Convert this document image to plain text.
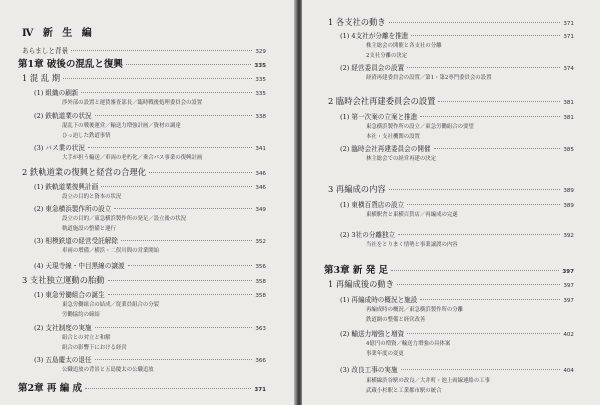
Ⅳ 新 生 編
あらましと背景	329
第1章 破後の混乱と復興	335
1 混 乱 期	335
(1) 組織の刷新	335
渉外部の設置と運賃審査部長／臨時戦後処理委員会の設置
(2) 鉄軌道業の状況	338
混乱下の戦後運営／輸送力増強計画／資材の調達
ひっ迫した鉄道事情
(3) バス業の状況	341
大手が担う輸送／車両の老朽化／乗合バス事業の復興計画
2 鉄軌道業の復興と経営の合理化	346
(1) 鉄軌道業復興計画	346
設立の目的と資本の状況
(2) 東急横浜製作所の設立	349
設立の目的／東急横浜製作所の発足／設立後の状況
軌道施設の整備と運行
(3) 相模鉄道の経営受託解除	352
車両の増備／横浜・二俣川間の営業開始
(4) 天現寺線・中目黒線の譲渡	356
3 支社独立運動の胎動	358
(1) 東急労働組合の誕生	358
東急労働組合の結成／従業員組合の分裂
労働協約の締結
(2) 支社制度の実施	363
組合との対立と和解
組合の影響下における経営
(3) 五島慶太の退任	366
公職追放の背景と五島慶太の公職追放
第2章 再 編 成	371
1 各支社の動き	371
(1) 4支社が分離を推進	371
株主総会の開催と各支社の分離
2支社分離の決定
(2) 経営委員会の設置	374
経済再建委員会の設置／第1・第2専門委員会の設置
2 臨時会社再建委員会の設置	381
(1) 第一次案の立案と推進	381
東急横浜製作所の設立／東急労働組合の要望
本社・支社機関の設置
(2) 臨時会社再建委員会の開催	385
林主総会での経営再建の決定
3 再編成の内容	389
(1) 東横百貨店の設立	389
東横駅舎と東横百貨店／再編成の完遂
(2) 3社の分離独立	392
当社をとりまく情勢と事業譲渡の内容
第3章 新 発 足	397
1 再編成後の動き	397
(1) 再編成時の概況と施設	397
再編成時の概況／東急横浜製作所の分離
鉄道網の整備と経営改善
(2) 輸送力増強と増資	402
4億円の増資／輸送力増強の具体案
事業年度の変更
(3) 改良工事の実施	404
東横線渋谷駅の改良／大井町・池上両線連絡の工事
武蔵小杉駅と工業都市駅の統合
